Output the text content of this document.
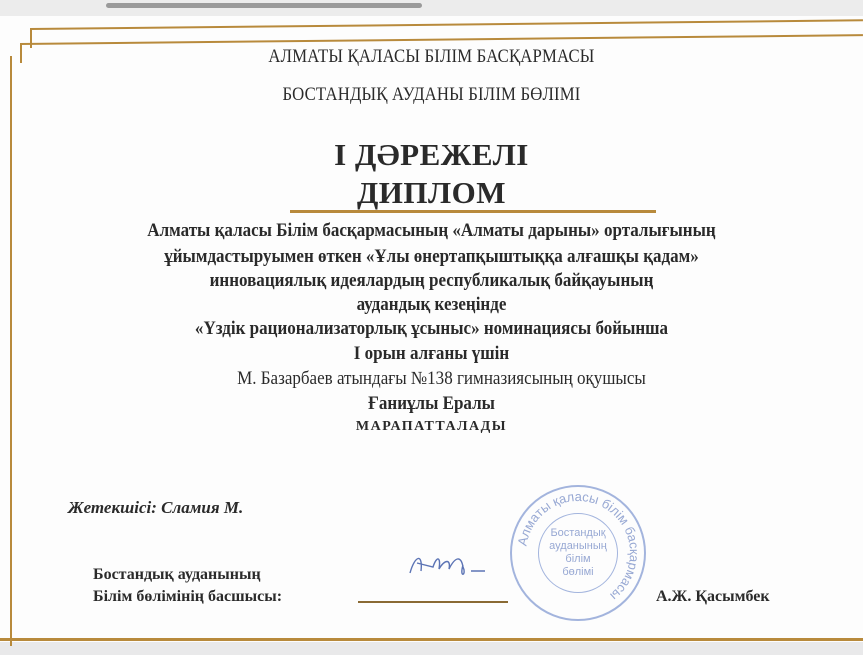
АЛМАТЫ ҚАЛАСЫ БІЛІМ БАСҚАРМАСЫ
БОСТАНДЫҚ АУДАНЫ БІЛІМ БӨЛІМІ
І ДӘРЕЖЕЛІ
ДИПЛОМ
Алматы қаласы Білім басқармасының «Алматы дарыны» орталығының
ұйымдастыруымен өткен «Ұлы өнертапқыштыққа алғашқы қадам»
инновациялық идеялардың республикалық байқауының
аудандық кезеңінде
«Үздік рационализаторлық ұсыныс» номинациясы бойынша
І орын алғаны үшін
М. Базарбаев атындағы №138 гимназиясының оқушысы
Ғаниұлы Ералы
МАРАПАТТАЛАДЫ
Жетекшісі: Сламия М.
Бостандық ауданының
Білім бөлімінің басшысы:	А.Ж. Қасымбек
Алматы қаласы білім басқармасы
Бостандық
ауданының
білім
бөлімі
